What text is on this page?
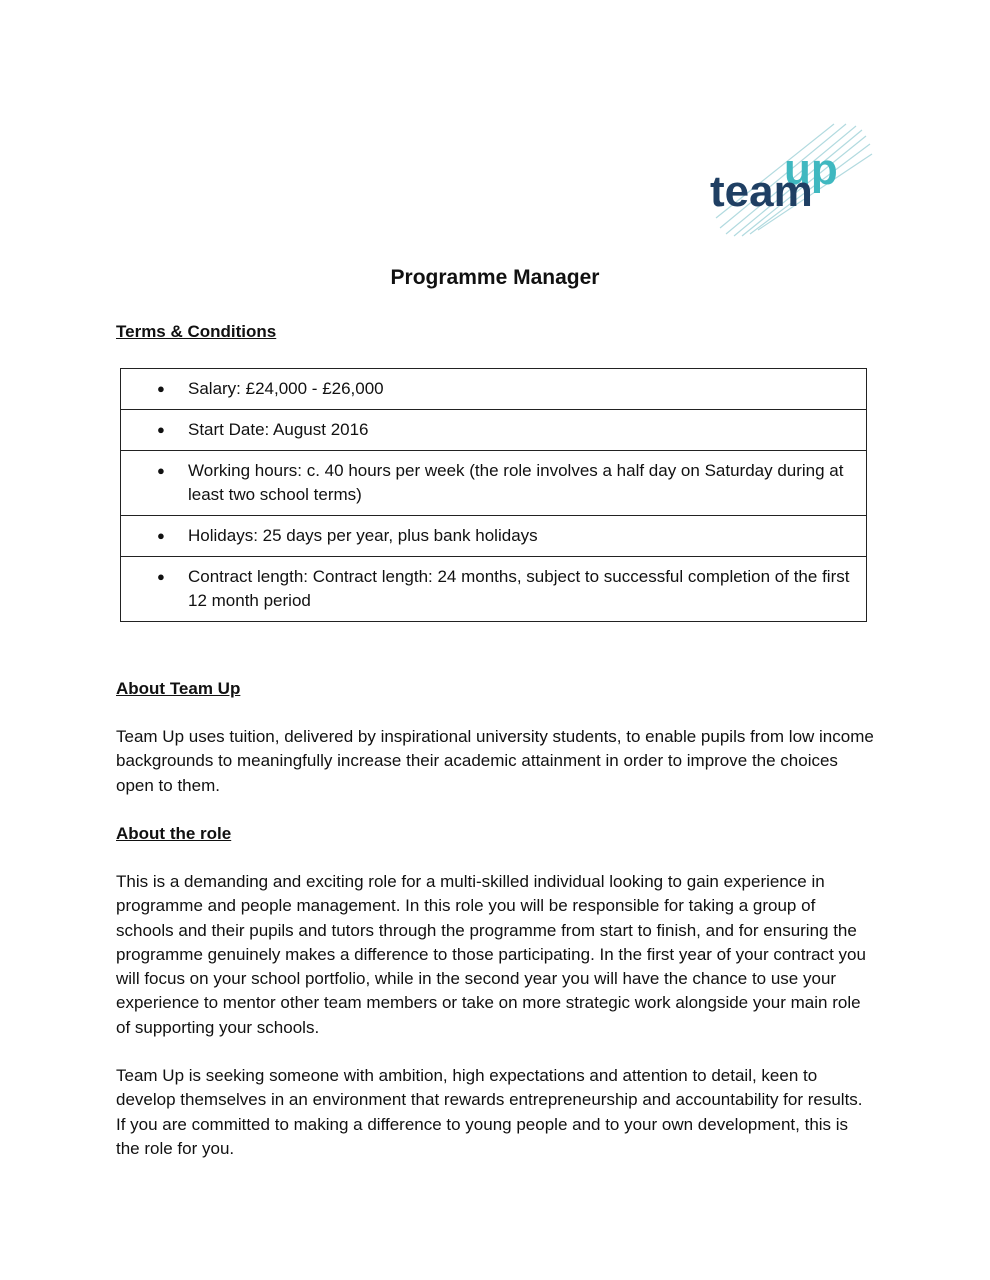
up
team
Programme Manager
Terms & Conditions
● Salary: £24,000 - £26,000

● Start Date: August 2016

● Working hours: c. 40 hours per week (the role involves a half day on Saturday during at least two school terms)

● Holidays: 25 days per year, plus bank holidays

● Contract length: Contract length: 24 months, subject to successful completion of the first 12 month period
About Team Up

Team Up uses tuition, delivered by inspirational university students, to enable pupils from low income backgrounds to meaningfully increase their academic attainment in order to improve the choices open to them.

About the role

This is a demanding and exciting role for a multi-skilled individual looking to gain experience in programme and people management. In this role you will be responsible for taking a group of schools and their pupils and tutors through the programme from start to finish, and for ensuring the programme genuinely makes a difference to those participating. In the first year of your contract you will focus on your school portfolio, while in the second year you will have the chance to use your experience to mentor other team members or take on more strategic work alongside your main role of supporting your schools.

Team Up is seeking someone with ambition, high expectations and attention to detail, keen to develop themselves in an environment that rewards entrepreneurship and accountability for results. If you are committed to making a difference to young people and to your own development, this is the role for you.
